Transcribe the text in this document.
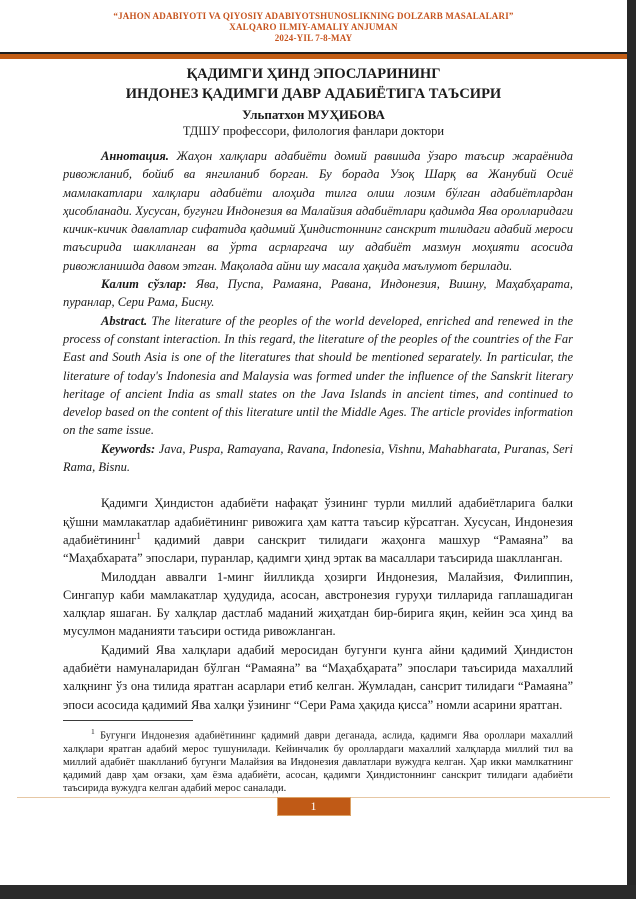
“JAHON ADABIYOTI VA QIYOSIY ADABIYOTSHUNOSLIKNING DOLZARB MASALALARI”
XALQARO ILMIY-AMALIY ANJUMAN
2024-YIL 7-8-MAY
ҚАДИМГИ ҲИНД ЭПОСЛАРИНИНГ
ИНДОНЕЗ ҚАДИМГИ ДАВР АДАБИЁТИГА ТАЪСИРИ
Ульпатхон МУҲИБОВА
ТДШУ профессори, филология фанлари доктори

Аннотация. Жаҳон халқлари адабиёти домий равишда ўзаро таъсир жараёнида ривожланиб, бойиб ва янгиланиб борган. Бу борада Узоқ Шарқ ва Жанубий Осиё мамлакатлари халқлари адабиёти алоҳида тилга олиш лозим бўлган адабиётлардан ҳисобланади. Хусусан, бугунги Индонезия ва Малайзия адабиётлари қадимда Ява оролларидаги кичик-кичик давлатлар сифатида қадимий Ҳиндистоннинг санскрит тилидаги адабий мероси таъсирида шаклланган ва ўрта асрларгача шу адабиёт мазмун моҳияти асосида ривожланишда давом этган. Мақолада айни шу масала ҳақида маълумот берилади.

Калит сўзлар: Ява, Пуспа, Рамаяна, Равана, Индонезия, Вишну, Маҳабҳарата, пуранлар, Сери Рама, Бисну.

Abstract. The literature of the peoples of the world developed, enriched and renewed in the process of constant interaction. In this regard, the literature of the peoples of the countries of the Far East and South Asia is one of the literatures that should be mentioned separately. In particular, the literature of today's Indonesia and Malaysia was formed under the influence of the Sanskrit literary heritage of ancient India as small states on the Java Islands in ancient times, and continued to develop based on the content of this literature until the Middle Ages. The article provides information on the same issue.

Keywords: Java, Puspa, Ramayana, Ravana, Indonesia, Vishnu, Mahabharata, Puranas, Seri Rama, Bisnu.

Қадимги Ҳиндистон адабиёти нафақат ўзининг турли миллий адабиётларига балки қўшни мамлакатлар адабиётининг ривожига ҳам катта таъсир кўрсатган. Хусусан, Индонезия адабиётининг$^1$ қадимий даври санскрит тилидаги жаҳонга машхур “Рамаяна” ва “Маҳабхарата” эпослари, пуранлар, қадимги ҳинд эртак ва масаллари таъсирида шаклланган.

Милоддан аввалги 1-минг йилликда ҳозирги Индонезия, Малайзия, Филиппин, Сингапур каби мамлакатлар ҳудудида, асосан, австронезия гуруҳи тилларида гаплашадиган халқлар яшаган. Бу халқлар дастлаб маданий жиҳатдан бир-бирига яқин, кейин эса ҳинд ва мусулмон маданияти таъсири остида ривожланган.

Қадимий Ява халқлари адабий меросидан бугунги кунга айни қадимий Ҳиндистон адабиёти намуналаридан бўлган “Рамаяна” ва “Маҳабҳарата” эпослари таъсирида махаллий халқнинг ўз она тилида яратган асарлари етиб келган. Жумладан, сансрит тилидаги “Рамаяна” эпоси асосида қадимий Ява халқи ўзининг “Сери Рама ҳақида қисса” номли асарини яратган.

$^1$ Бугунги Индонезия адабиётининг қадимий даври деганада, аслида, қадимги Ява ороллари махаллий халқлари яратган адабий мерос тушунилади. Кейинчалик бу ороллардаги махаллий халқларда миллий тил ва миллий адабиёт шаклланиб бугунги Малайзия ва Индонезия давлатлари вужудга келган. Ҳар икки мамлкатнинг қадимий давр ҳам оғзаки, ҳам ёзма адабиёти, асосан, қадимги Ҳиндистоннинг санскрит тилидаги адабиёти таъсирида вужудга келган адабий мерос саналади.

1
